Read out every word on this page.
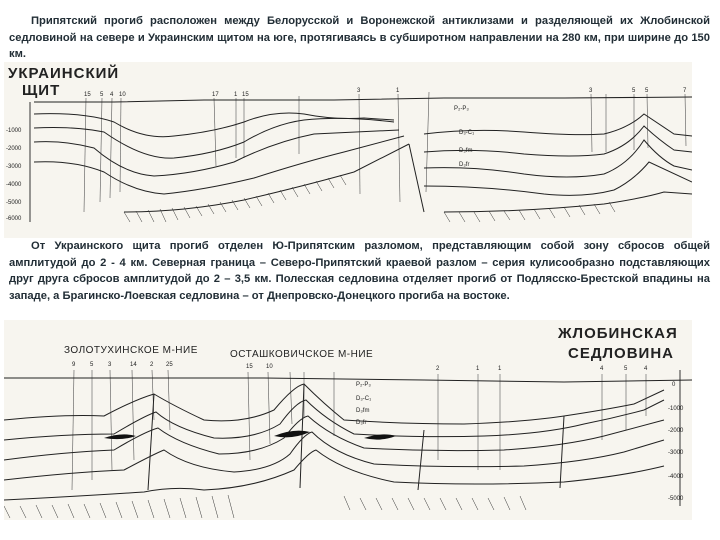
Припятский прогиб расположен между Белорусской и Воронежской антиклизами и разделяющей их Жлобинской седловиной на севере и Украинским щитом на юге, протягиваясь в субширотном направлении на 280 км, при ширине до 150 км.
УКРАИНСКИЙ
ЩИТ
-1000
-2000
-3000
-4000
-5000
-6000
15 5 4 10	17	1 15
3	1	3	5 5	7
P₂-P₃
D₃-C₁
D₃fm
D₃fr
От Украинского щита прогиб отделен Ю-Припятским разломом, представляющим собой зону сбросов общей амплитудой до 2 - 4 км. Северная граница – Северо-Припятский краевой разлом – серия кулисообразно подставляющих друг друга сбросов амплитудой до 2 – 3,5 км. Полесская седловина отделяет прогиб от Подлясско-Брестской впадины на западе, а Брагинско-Лоевская седловина – от Днепровско-Донецкого прогиба на востоке.
ЖЛОБИНСКАЯ
СЕДЛОВИНА
ЗОЛОТУХИНСКОЕ М-НИЕ	ОСТАШКОВИЧСКОЕ М-НИЕ
0
-1000
-2000
-3000
-4000
-5000
9 5 3	14 2 25	15 10	2	1	1	4	5	4
P₂-P₃
D₃-C₁
D₃fm
D₃fr
